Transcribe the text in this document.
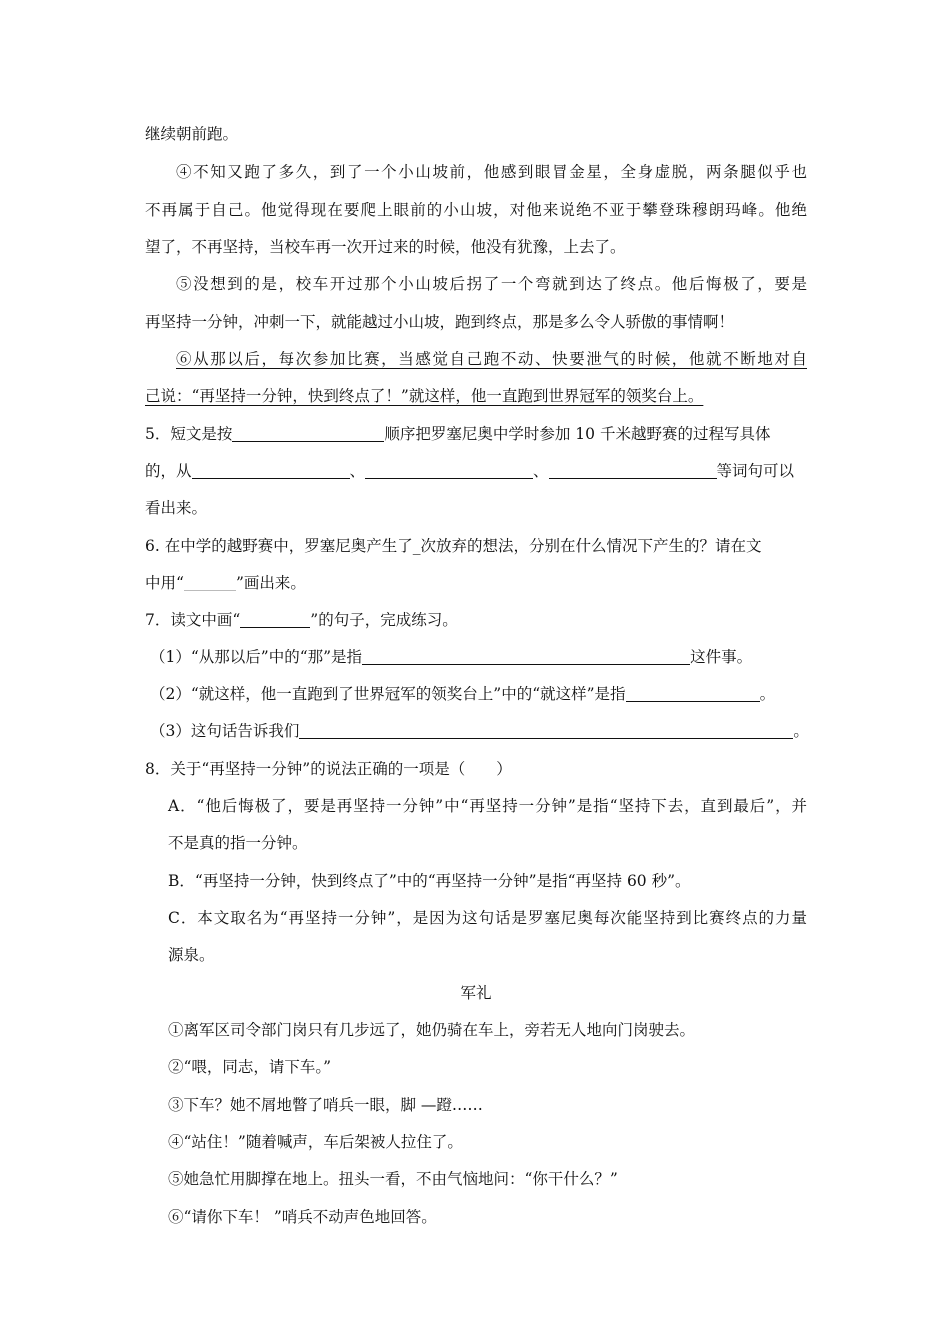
继续朝前跑。
④不知又跑了多久，到了一个小山坡前，他感到眼冒金星，全身虚脱，两条腿似乎也
不再属于自己。他觉得现在要爬上眼前的小山坡，对他来说绝不亚于攀登珠穆朗玛峰。他绝
望了，不再坚持，当校车再一次开过来的时候，他没有犹豫，上去了。
⑤没想到的是，校车开过那个小山坡后拐了一个弯就到达了终点。他后悔极了，要是
再坚持一分钟，冲刺一下，就能越过小山坡，跑到终点，那是多么令人骄傲的事情啊！
⑥从那以后，每次参加比赛，当感觉自己跑不动、快要泄气的时候，他就不断地对自
己说：“再坚持一分钟，快到终点了！”就这样，他一直跑到世界冠军的领奖台上。
5．短文是按	顺序把罗塞尼奥中学时参加 10 千米越野赛的过程写具体
的，从	、	、	等词句可以
看出来。
6. 在中学的越野赛中，罗塞尼奥产生了_次放弃的想法，分别在什么情况下产生的？请在文
中用“	”画出来。
7．读文中画“	”的句子，完成练习。
（1）“从那以后”中的“那”是指	这件事。
（2）“就这样，他一直跑到了世界冠军的领奖台上”中的“就这样”是指	。
（3）这句话告诉我们	。
8．关于“再坚持一分钟”的说法正确的一项是（　　）
A．“他后悔极了，要是再坚持一分钟”中“再坚持一分钟”是指“坚持下去，直到最后”，并
不是真的指一分钟。
B．“再坚持一分钟，快到终点了”中的“再坚持一分钟”是指“再坚持 60 秒”。
C．本文取名为“再坚持一分钟”，是因为这句话是罗塞尼奥每次能坚持到比赛终点的力量
源泉。
军礼
①离军区司令部门岗只有几步远了，她仍骑在车上，旁若无人地向门岗驶去。
②“喂，同志，请下车。”
③下车？她不屑地瞥了哨兵一眼，脚 —蹬……
④“站住！”随着喊声，车后架被人拉住了。
⑤她急忙用脚撑在地上。扭头一看，不由气恼地问：“你干什么？”
⑥“请你下车！ ”哨兵不动声色地回答。
